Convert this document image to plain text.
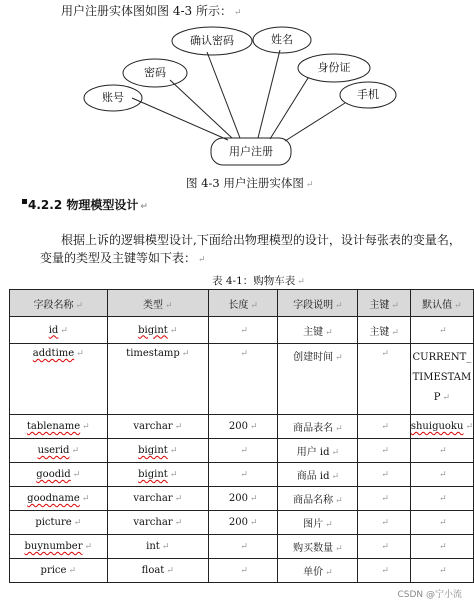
用户注册实体图如图 4-3 所示： ↵
账号
密码
确认密码	姓名
身份证
手机
用户注册
图 4-3 用户注册实体图 ↵
4.2.2 物理模型设计 ↵
根据上诉的逻辑模型设计,下面给出物理模型的设计，设计每张表的变量名，
变量的类型及主键等如下表： ↵
表 4-1：购物车表 ↵
字段名称 ↵	类型 ↵	长度 ↵	字段说明 ↵	主键 ↵	默认值 ↵
id ↵	bigint ↵	↵	主键 ↵	主键 ↵	↵
addtime ↵	timestamp ↵	↵	创建时间 ↵	↵	CURRENT_TIMESTAMP ↵
tablename ↵	varchar ↵	200 ↵	商品表名 ↵	↵	shuiguoku ↵
userid ↵	bigint ↵	↵	用户 id ↵	↵	↵
goodid ↵	bigint ↵	↵	商品 id ↵	↵	↵
goodname ↵	varchar ↵	200 ↵	商品名称 ↵	↵	↵
picture ↵	varchar ↵	200 ↵	图片 ↵	↵	↵
buynumber ↵	int ↵	↵	购买数量 ↵	↵	↵
price ↵	float ↵	↵	单价 ↵	↵	↵
CSDN @宁小流
